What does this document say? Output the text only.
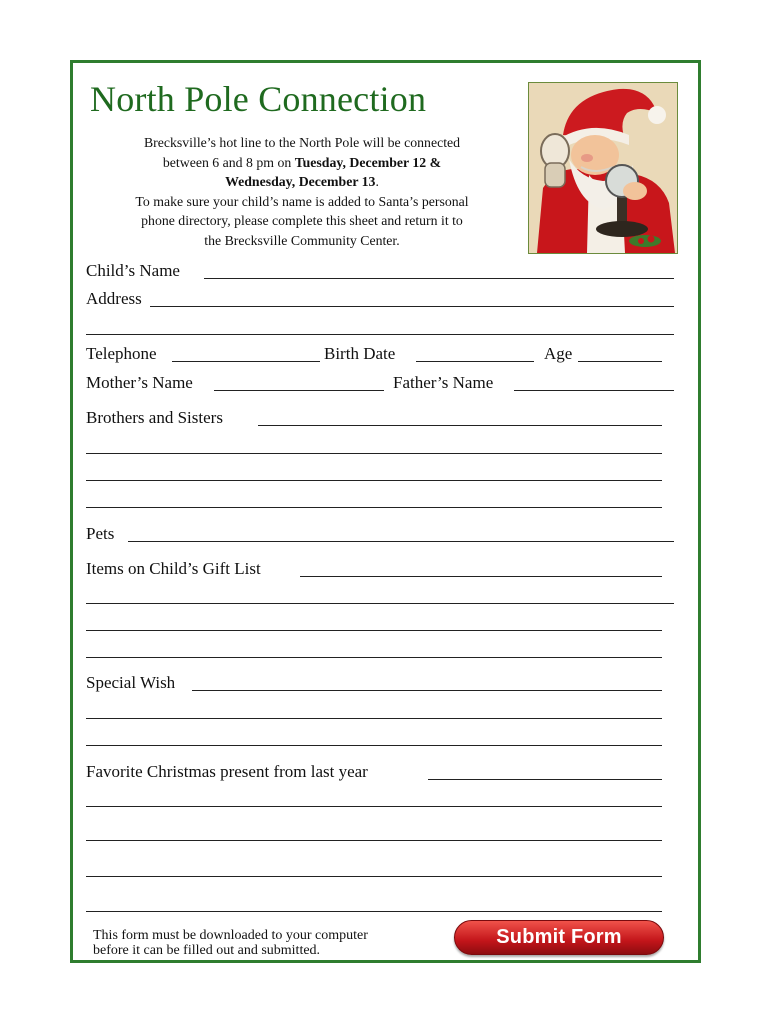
North Pole Connection
Brecksville’s hot line to the North Pole will be connected
between 6 and 8 pm on Tuesday, December 12 &
Wednesday, December 13.
To make sure your child’s name is added to Santa’s personal
phone directory, please complete this sheet and return it to
the Brecksville Community Center.
Child’s Name
Address
Telephone	Birth Date	Age
Mother’s Name	Father’s Name
Brothers and Sisters
Pets
Items on Child’s Gift List
Special Wish
Favorite Christmas present from last year
This form must be downloaded to your computer
before it can be filled out and submitted.
Submit Form
